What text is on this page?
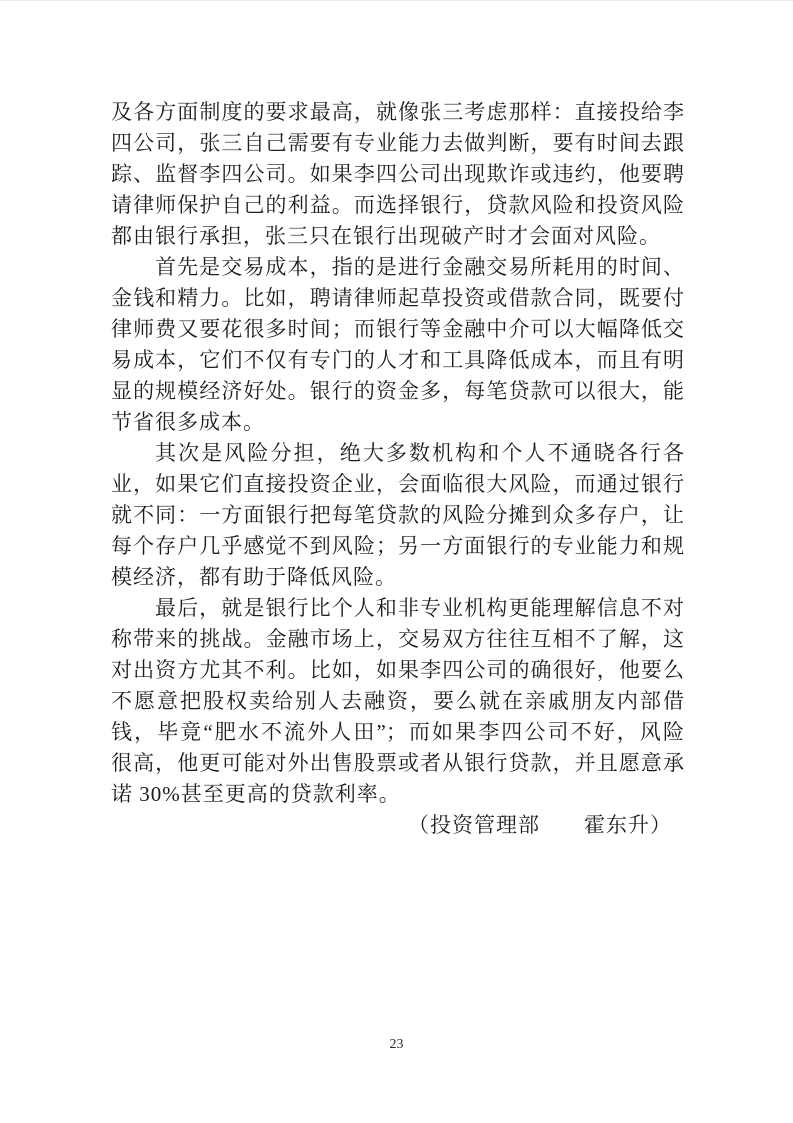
及各方面制度的要求最高，就像张三考虑那样：直接投给李
四公司，张三自己需要有专业能力去做判断，要有时间去跟
踪、监督李四公司。如果李四公司出现欺诈或违约，他要聘
请律师保护自己的利益。而选择银行，贷款风险和投资风险
都由银行承担，张三只在银行出现破产时才会面对风险。
首先是交易成本，指的是进行金融交易所耗用的时间、
金钱和精力。比如，聘请律师起草投资或借款合同，既要付
律师费又要花很多时间；而银行等金融中介可以大幅降低交
易成本，它们不仅有专门的人才和工具降低成本，而且有明
显的规模经济好处。银行的资金多，每笔贷款可以很大，能
节省很多成本。
其次是风险分担，绝大多数机构和个人不通晓各行各
业，如果它们直接投资企业，会面临很大风险，而通过银行
就不同：一方面银行把每笔贷款的风险分摊到众多存户，让
每个存户几乎感觉不到风险；另一方面银行的专业能力和规
模经济，都有助于降低风险。
最后，就是银行比个人和非专业机构更能理解信息不对
称带来的挑战。金融市场上，交易双方往往互相不了解，这
对出资方尤其不利。比如，如果李四公司的确很好，他要么
不愿意把股权卖给别人去融资，要么就在亲戚朋友内部借
钱，毕竟“肥水不流外人田”；而如果李四公司不好，风险
很高，他更可能对外出售股票或者从银行贷款，并且愿意承
诺 30%甚至更高的贷款利率。
（投资管理部　　霍东升）
23
